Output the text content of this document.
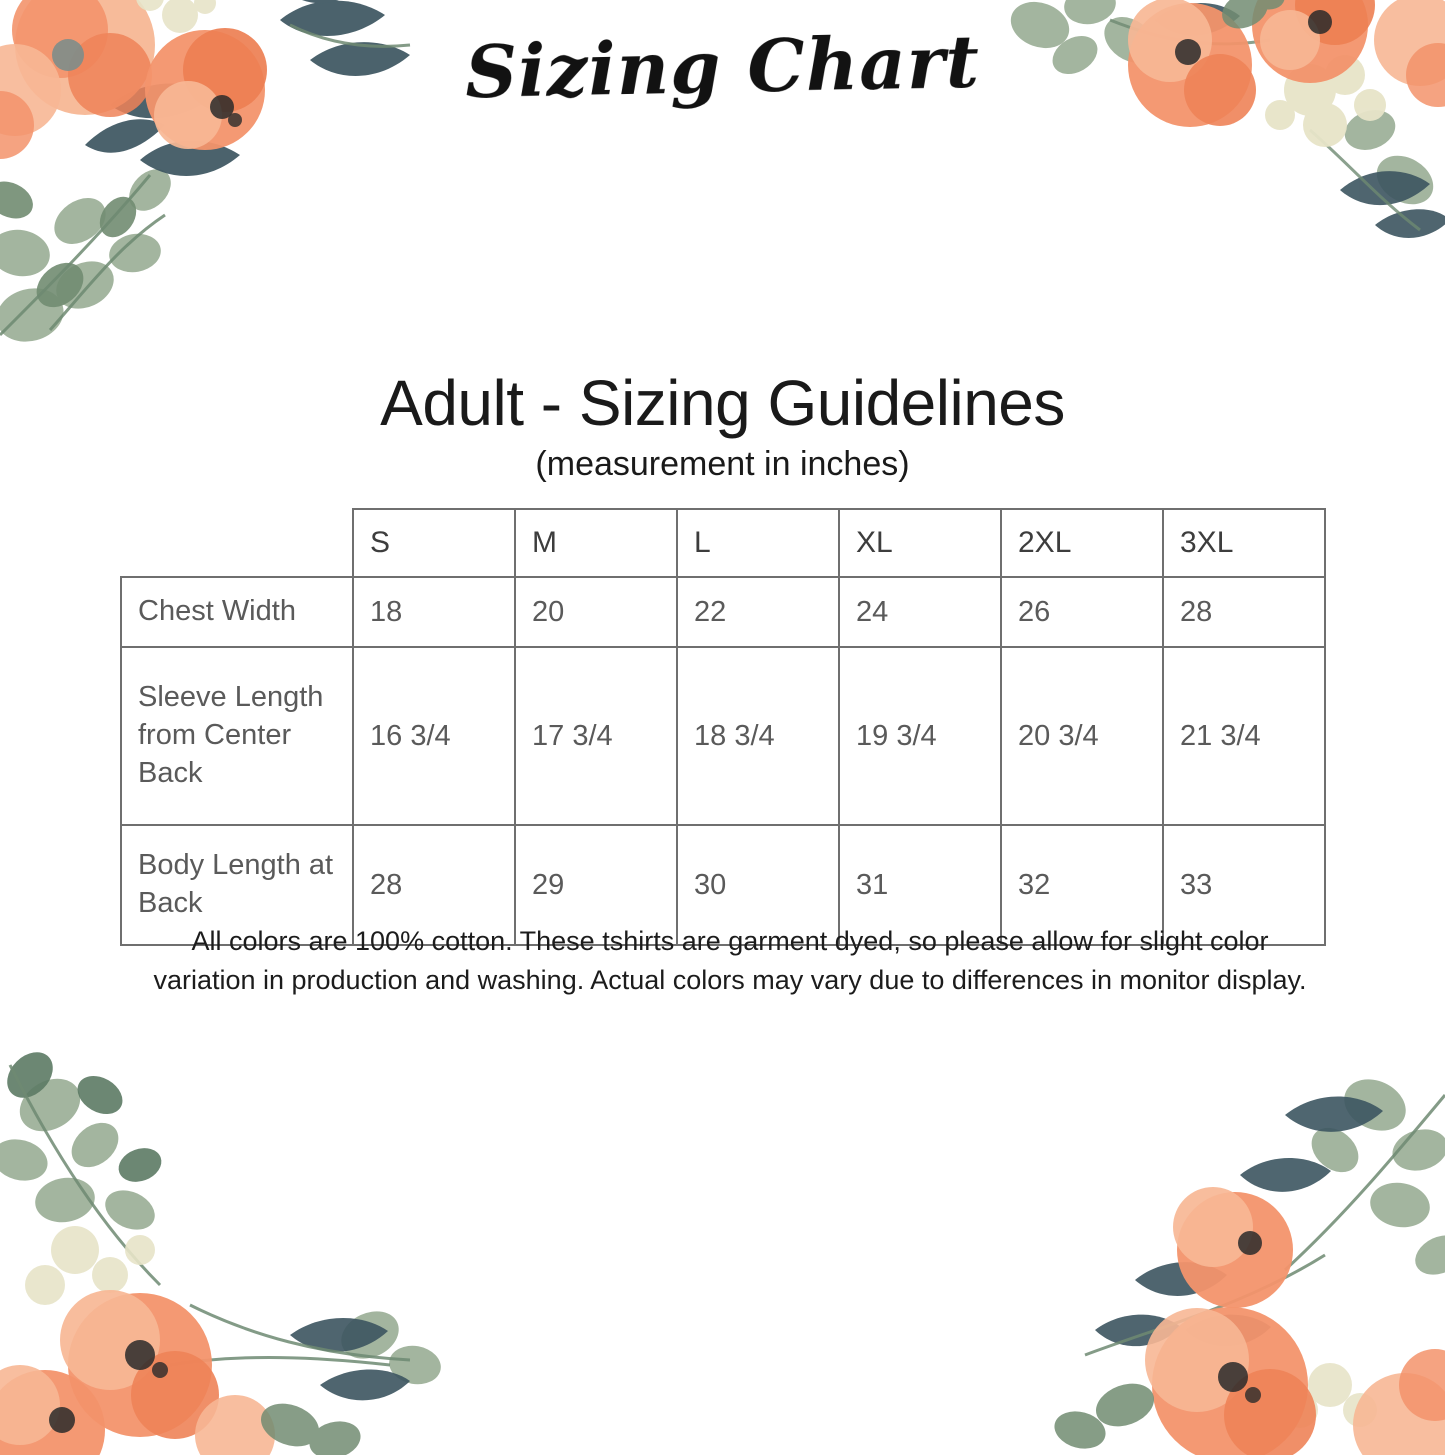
Sizing Chart
Adult - Sizing Guidelines
(measurement in inches)
	S	M	L	XL	2XL	3XL
Chest Width	18	20	22	24	26	28
Sleeve Length from Center Back	16 3/4	17 3/4	18 3/4	19 3/4	20 3/4	21 3/4
Body Length at Back	28	29	30	31	32	33
All colors are 100% cotton. These tshirts are garment dyed, so please allow for slight color variation in production and washing. Actual colors may vary due to differences in monitor display.
